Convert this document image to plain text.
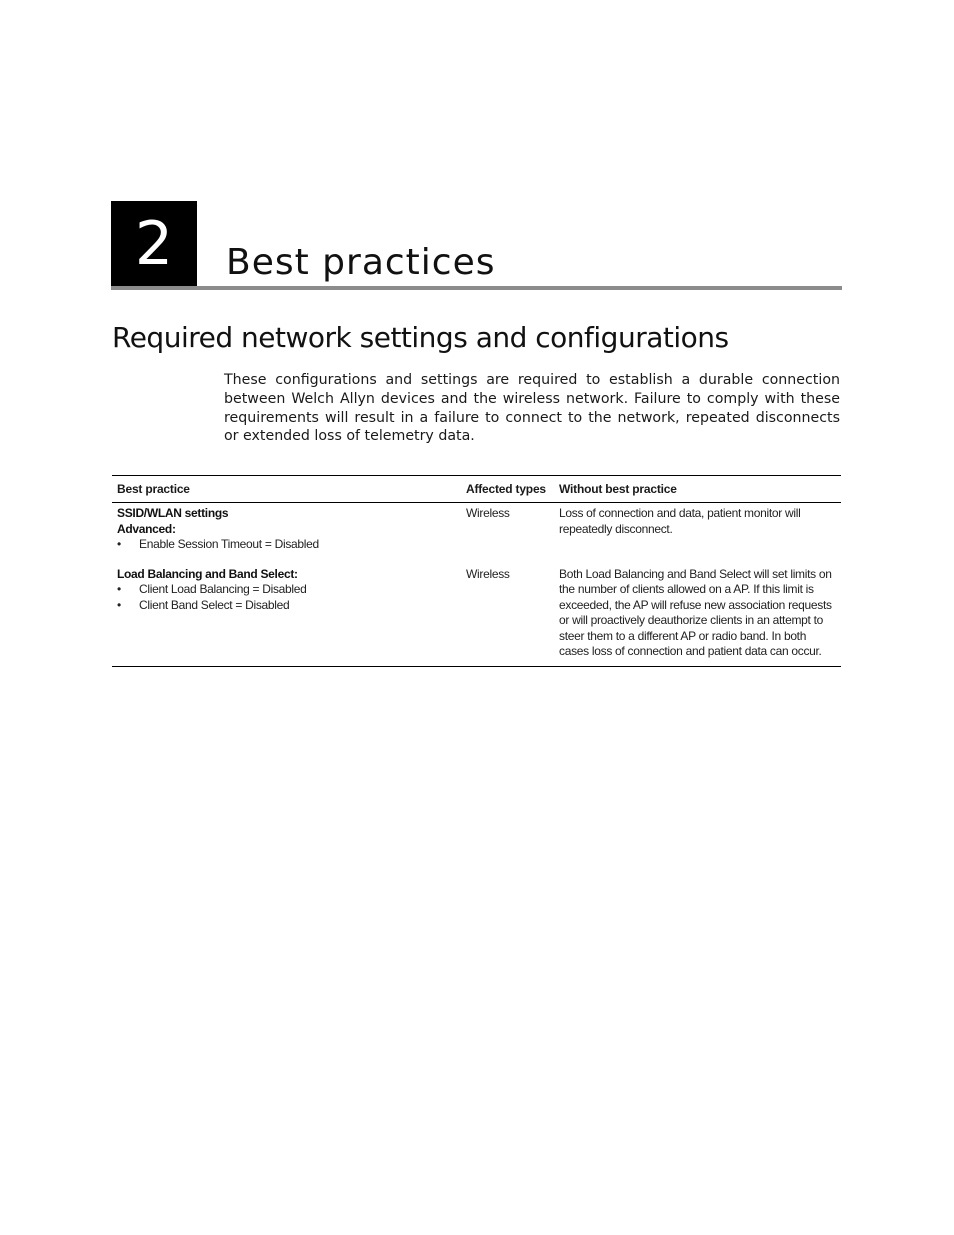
2	Best practices
Required network settings and configurations
These configurations and settings are required to establish a durable connection between Welch Allyn devices and the wireless network. Failure to comply with these requirements will result in a failure to connect to the network, repeated disconnects or extended loss of telemetry data.
Best practice	Affected types	Without best practice
SSID/WLAN settings
Advanced:
•	Enable Session Timeout = Disabled
Wireless	Loss of connection and data, patient monitor will repeatedly disconnect.
Load Balancing and Band Select:
•	Client Load Balancing = Disabled
•	Client Band Select = Disabled
Wireless	Both Load Balancing and Band Select will set limits on the number of clients allowed on a AP. If this limit is exceeded, the AP will refuse new association requests or will proactively deauthorize clients in an attempt to steer them to a different AP or radio band. In both cases loss of connection and patient data can occur.
